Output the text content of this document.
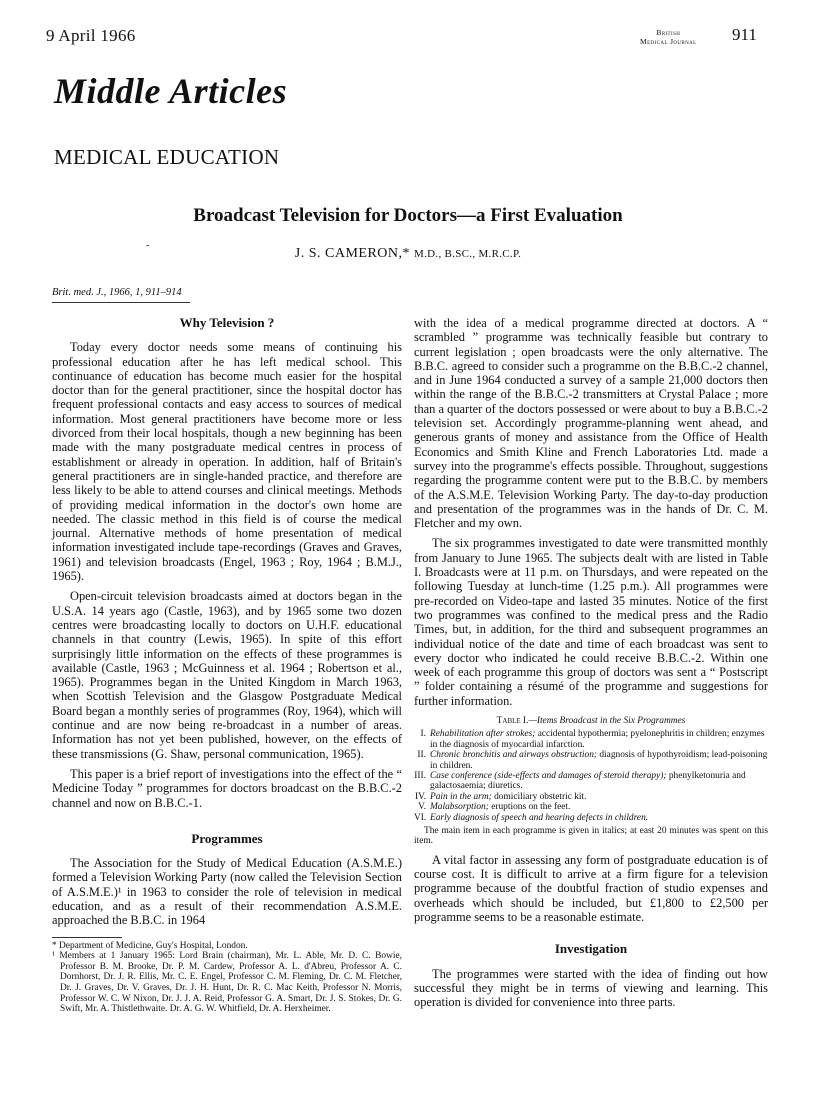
9 April 1966	British
Medical Journal 911
Middle Articles
MEDICAL EDUCATION
Broadcast Television for Doctors—a First Evaluation
-
J. S. CAMERON,* M.D., B.SC., M.R.C.P.
Brit. med. J., 1966, 1, 911–914
Why Television ?

Today every doctor needs some means of continuing his professional education after he has left medical school. This continuance of education has become much easier for the hospital doctor than for the general practitioner, since the hospital doctor has frequent professional contacts and easy access to sources of medical information. Most general practitioners have become more or less divorced from their local hospitals, though a new beginning has been made with the many postgraduate medical centres in process of establishment or already in operation. In addition, half of Britain's general practitioners are in single-handed practice, and therefore are less likely to be able to attend courses and clinical meetings. Methods of providing medical information in the doctor's own home are needed. The classic method in this field is of course the medical journal. Alternative methods of home presentation of medical information investigated include tape-recordings (Graves and Graves, 1961) and television broadcasts (Engel, 1963 ; Roy, 1964 ; B.M.J., 1965).

Open-circuit television broadcasts aimed at doctors began in the U.S.A. 14 years ago (Castle, 1963), and by 1965 some two dozen centres were broadcasting locally to doctors on U.H.F. educational channels in that country (Lewis, 1965). In spite of this effort surprisingly little information on the effects of these programmes is available (Castle, 1963 ; McGuinness et al. 1964 ; Robertson et al., 1965). Programmes began in the United Kingdom in March 1963, when Scottish Television and the Glasgow Postgraduate Medical Board began a monthly series of programmes (Roy, 1964), which will continue and are now being re-broadcast in a number of areas. Information has not yet been published, however, on the effects of these transmissions (G. Shaw, personal communication, 1965).

This paper is a brief report of investigations into the effect of the “ Medicine Today ” programmes for doctors broadcast on the B.B.C.-2 channel and now on B.B.C.-1.

Programmes

The Association for the Study of Medical Education (A.S.M.E.) formed a Television Working Party (now called the Television Section of A.S.M.E.)¹ in 1963 to consider the role of television in medical education, and as a result of their recommendation A.S.M.E. approached the B.B.C. in 1964

* Department of Medicine, Guy's Hospital, London.

¹ Members at 1 January 1965: Lord Brain (chairman), Mr. L. Able, Mr. D. C. Bowie, Professor B. M. Brooke, Dr. P. M. Cardew, Professor A. L. d'Abreu, Professor A. C. Dornhorst, Dr. J. R. Ellis, Mr. C. E. Engel, Professor C. M. Fleming, Dr. C. M. Fletcher, Dr. J. Graves, Dr. V. Graves, Dr. J. H. Hunt, Dr. R. C. Mac Keith, Professor N. Morris, Professor W. C. W Nixon, Dr. J. J. A. Reid, Professor G. A. Smart, Dr. J. S. Stokes, Dr. G. Swift, Mr. A. Thistlethwaite. Dr. A. G. W. Whitfield, Dr. A. Herxheimer.

with the idea of a medical programme directed at doctors. A “ scrambled ” programme was technically feasible but contrary to current legislation ; open broadcasts were the only alternative. The B.B.C. agreed to consider such a programme on the B.B.C.-2 channel, and in June 1964 conducted a survey of a sample 21,000 doctors then within the range of the B.B.C.-2 transmitters at Crystal Palace ; more than a quarter of the doctors possessed or were about to buy a B.B.C.-2 television set. Accordingly programme-planning went ahead, and generous grants of money and assistance from the Office of Health Economics and Smith Kline and French Laboratories Ltd. made a survey into the programme's effects possible. Throughout, suggestions regarding the programme content were put to the B.B.C. by members of the A.S.M.E. Television Working Party. The day-to-day production and presentation of the programmes was in the hands of Dr. C. M. Fletcher and my own.

The six programmes investigated to date were transmitted monthly from January to June 1965. The subjects dealt with are listed in Table I. Broadcasts were at 11 p.m. on Thursdays, and were repeated on the following Tuesday at lunch-time (1.25 p.m.). All programmes were pre-recorded on Video-tape and lasted 35 minutes. Notice of the first two programmes was confined to the medical press and the Radio Times, but, in addition, for the third and subsequent programmes an individual notice of the date and time of each broadcast was sent to every doctor who indicated he could receive B.B.C.-2. Within one week of each programme this group of doctors was sent a “ Postscript ” folder containing a résumé of the programme and suggestions for further information.

Table I.—Items Broadcast in the Six Programmes
I. Rehabilitation after strokes; accidental hypothermia; pyelonephritis in children; enzymes in the diagnosis of myocardial infarction.
II. Chronic bronchitis and airways obstruction; diagnosis of hypothyroidism; lead-poisoning in children.
III. Case conference (side-effects and damages of steroid therapy); phenylketonuria and galactosaemia; diuretics.
IV. Pain in the arm; domiciliary obstetric kit.
V. Malabsorption; eruptions on the feet.
VI. Early diagnosis of speech and hearing defects in children.
The main item in each programme is given in italics; at east 20 minutes was spent on this item.

A vital factor in assessing any form of postgraduate education is of course cost. It is difficult to arrive at a firm figure for a television programme because of the doubtful fraction of studio expenses and overheads which should be included, but £1,800 to £2,500 per programme seems to be a reasonable estimate.

Investigation

The programmes were started with the idea of finding out how successful they might be in terms of viewing and learning. This operation is divided for convenience into three parts.
